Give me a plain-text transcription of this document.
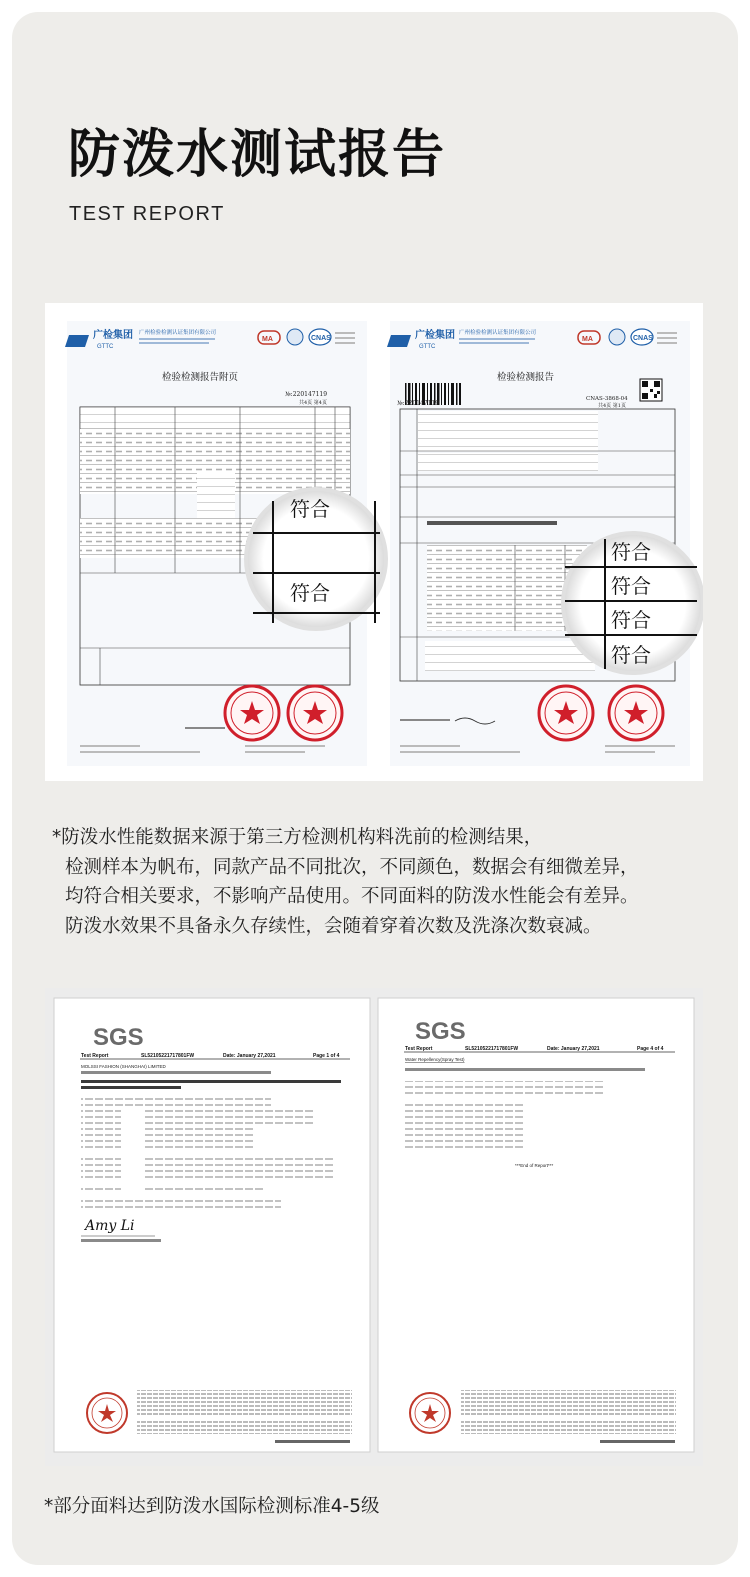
防泼水测试报告
TEST REPORT
广检集团
GTTC
广州检验检测认证集团有限公司
MA	CNAS
检验检测报告附页
№:220147119
共4页 第4页
符合
符合
广检集团
GTTC
广州检验检测认证集团有限公司
MA	CNAS
检验检测报告
№:220147119
CNAS-3868-04
共4页 第1页
符合
符合
符合
符合
*防泼水性能数据来源于第三方检测机构料洗前的检测结果，
检测样本为帆布，同款产品不同批次，不同颜色，数据会有细微差异，
均符合相关要求，不影响产品使用。不同面料的防泼水性能会有差异。
防泼水效果不具备永久存续性，会随着穿着次数及洗涤次数衰减。
SGS
Test Report	SL52105221717801FW	Date: January 27,2021	Page 1 of 4
MOLSSI FASHION (SHANGHAI) LIMITED
Amy Li
SGS
Test Report	SL52105221717801FW	Date: January 27,2021	Page 4 of 4
Water Repellency(Spray Test)
***End of Report***
*部分面料达到防泼水国际检测标准4-5级
